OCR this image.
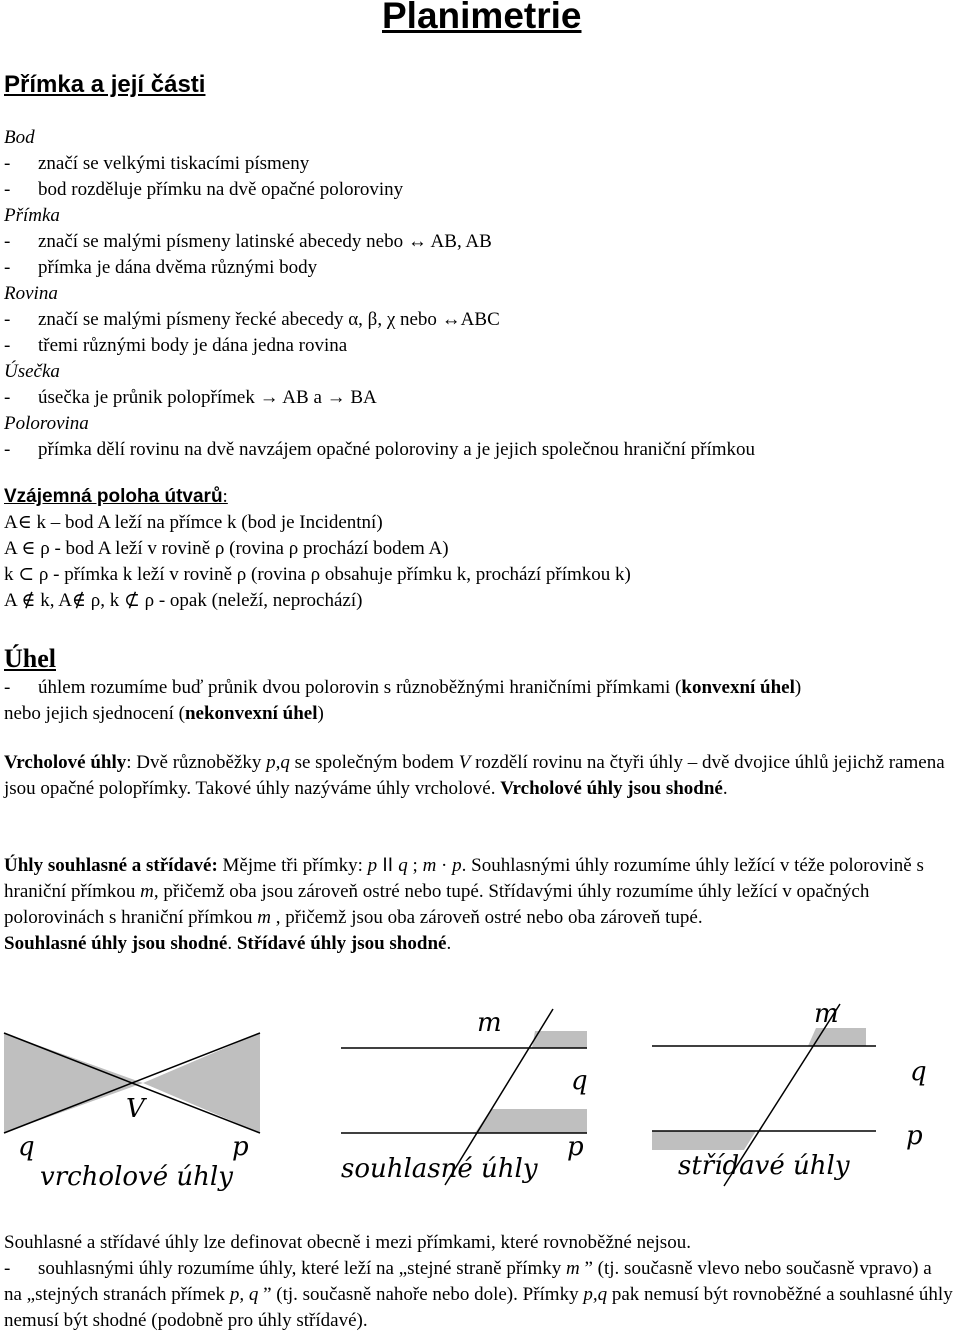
Planimetrie
Přímka a její části
Bod
- značí se velkými tiskacími písmeny
- bod rozděluje přímku na dvě opačné poloroviny
Přímka
- značí se malými písmeny latinské abecedy nebo ↔ AB, AB
- přímka je dána dvěma různými body
Rovina
- značí se malými písmeny řecké abecedy α, β, χ nebo ↔ABC
- třemi různými body je dána jedna rovina
Úsečka
- úsečka je průnik polopřímek → AB a → BA
Polorovina
- přímka dělí rovinu na dvě navzájem opačné poloroviny a je jejich společnou hraniční přímkou
Vzájemná poloha útvarů:
A∈ k – bod A leží na přímce k (bod je Incidentní)
A ∈ ρ - bod A leží v rovině ρ (rovina ρ prochází bodem A)
k ⊂ ρ - přímka k leží v rovině ρ (rovina ρ obsahuje přímku k, prochází přímkou k)
A ∉ k, A∉ ρ, k ⊄ ρ - opak (neleží, neprochází)
Úhel
- úhlem rozumíme buď průnik dvou polorovin s různoběžnými hraničními přímkami (konvexní úhel)
nebo jejich sjednocení (nekonvexní úhel)
Vrcholové úhly: Dvě různoběžky p,q se společným bodem V rozdělí rovinu na čtyři úhly – dvě dvojice úhlů jejichž ramena jsou opačné polopřímky. Takové úhly nazýváme úhly vrcholové. Vrcholové úhly jsou shodné.
Úhly souhlasné a střídavé: Mějme tři přímky: p II q ; m · p. Souhlasnými úhly rozumíme úhly ležící v téže polorovině s hraniční přímkou m, přičemž oba jsou zároveň ostré nebo tupé. Střídavými úhly rozumíme úhly ležící v opačných polorovinách s hraniční přímkou m , přičemž jsou oba zároveň ostré nebo oba zároveň tupé.
Souhlasné úhly jsou shodné. Střídavé úhly jsou shodné.
V
q	p
vrcholové úhly
m
q
p
souhlasné úhly
m
q
p
střídavé úhly
Souhlasné a střídavé úhly lze definovat obecně i mezi přímkami, které rovnoběžné nejsou.
- souhlasnými úhly rozumíme úhly, které leží na „stejné straně přímky m ” (tj. současně vlevo nebo současně vpravo) a na „stejných stranách přímek p, q ” (tj. současně nahoře nebo dole). Přímky p,q pak nemusí být rovnoběžné a souhlasné úhly nemusí být shodné (podobně pro úhly střídavé).
